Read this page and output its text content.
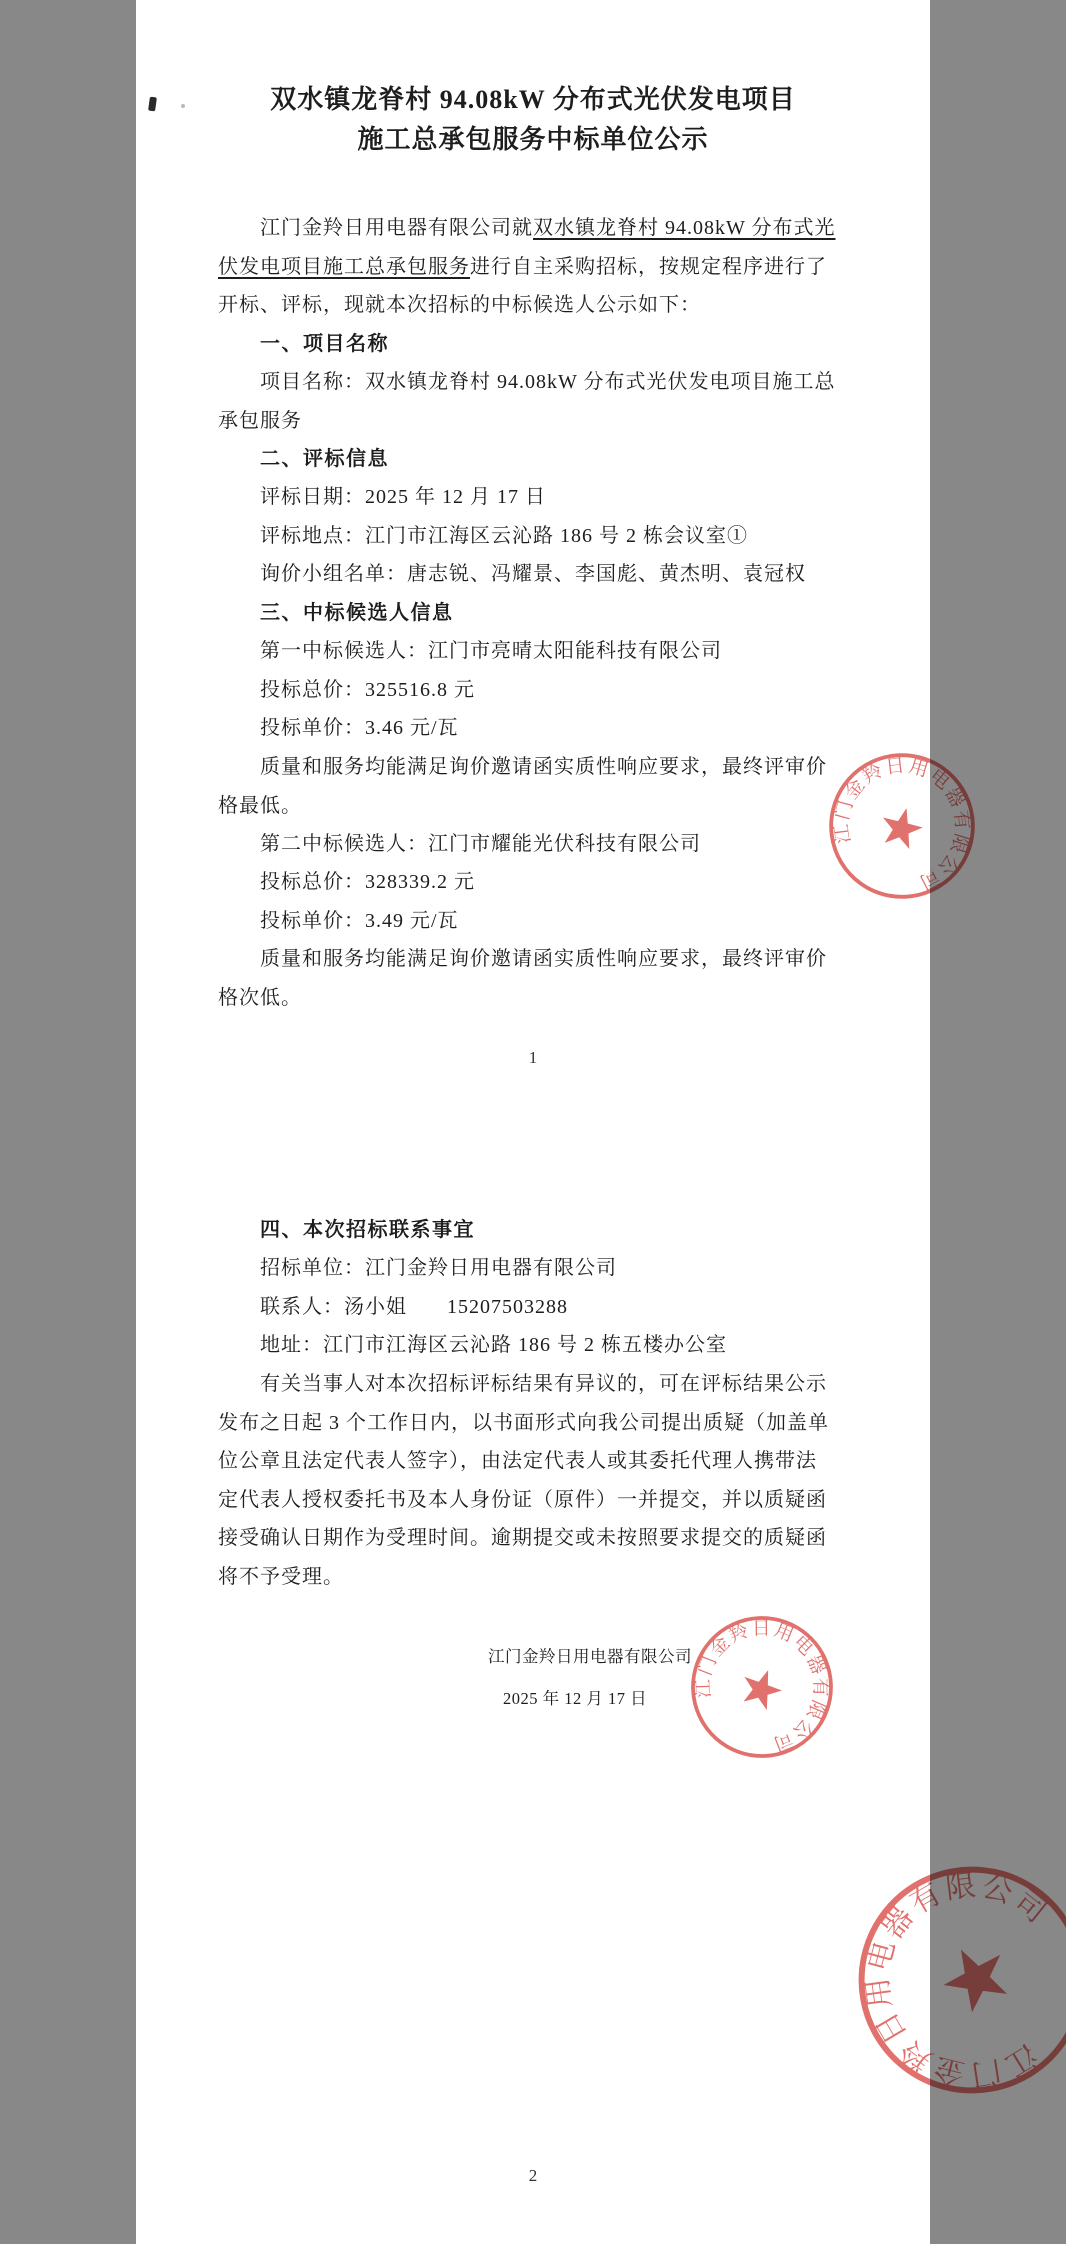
双水镇龙脊村 94.08kW 分布式光伏发电项目
施工总承包服务中标单位公示
江门金羚日用电器有限公司就双水镇龙脊村 94.08kW 分布式光
伏发电项目施工总承包服务进行自主采购招标，按规定程序进行了
开标、评标，现就本次招标的中标候选人公示如下：
一、项目名称
项目名称：双水镇龙脊村 94.08kW 分布式光伏发电项目施工总
承包服务
二、评标信息
评标日期：2025 年 12 月 17 日
评标地点：江门市江海区云沁路 186 号 2 栋会议室①
询价小组名单：唐志锐、冯耀景、李国彪、黄杰明、袁冠权
三、中标候选人信息
第一中标候选人：江门市亮晴太阳能科技有限公司
投标总价：325516.8 元
投标单价：3.46 元/瓦
质量和服务均能满足询价邀请函实质性响应要求，最终评审价
格最低。
第二中标候选人：江门市耀能光伏科技有限公司
投标总价：328339.2 元
投标单价：3.49 元/瓦
质量和服务均能满足询价邀请函实质性响应要求，最终评审价
格次低。
1
四、本次招标联系事宜
招标单位：江门金羚日用电器有限公司
联系人：汤小姐 15207503288
地址：江门市江海区云沁路 186 号 2 栋五楼办公室
有关当事人对本次招标评标结果有异议的，可在评标结果公示
发布之日起 3 个工作日内，以书面形式向我公司提出质疑（加盖单
位公章且法定代表人签字），由法定代表人或其委托代理人携带法
定代表人授权委托书及本人身份证（原件）一并提交，并以质疑函
接受确认日期作为受理时间。逾期提交或未按照要求提交的质疑函
将不予受理。
江门金羚日用电器有限公司
2025 年 12 月 17 日
2
江门金羚日用电器有限公司
江门金羚日用电器有限公司
江门金羚日用电器有限公司
